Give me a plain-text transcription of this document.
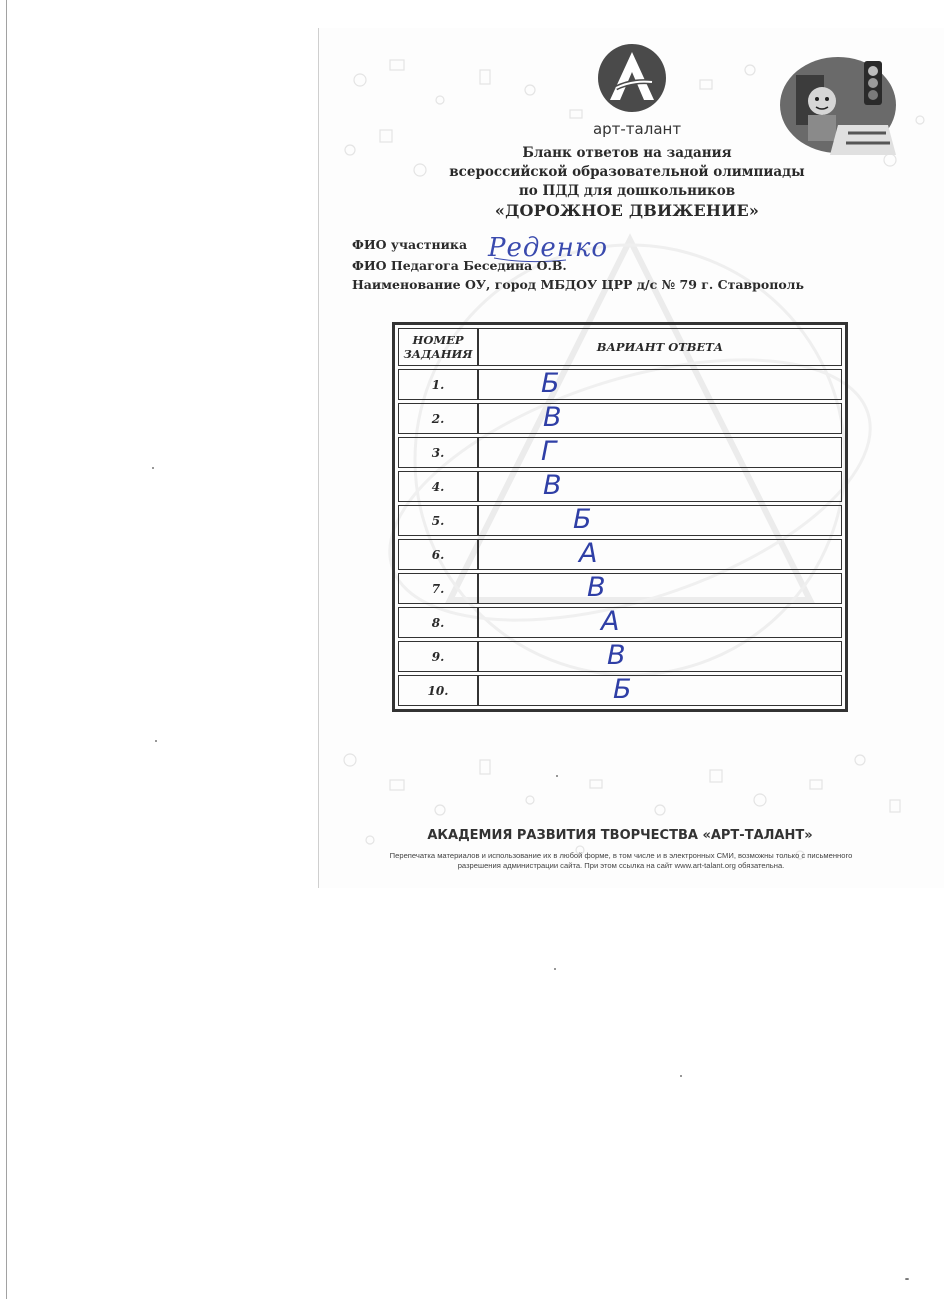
арт-талант
Бланк ответов на задания
всероссийской образовательной олимпиады
по ПДД для дошкольников
«ДОРОЖНОЕ ДВИЖЕНИЕ»
ФИО участника Реденко
ФИО Педагога Беседина О.В.
Наименование ОУ, город МБДОУ ЦРР д/с № 79 г. Ставрополь
НОМЕР
ЗАДАНИЯ	ВАРИАНТ ОТВЕТА
1.	Б

2.	В

3.	Г

4.	В

5.	Б

6.	А

7.	В

8.	А

9.	В

10.	Б
АКАДЕМИЯ РАЗВИТИЯ ТВОРЧЕСТВА «АРТ-ТАЛАНТ»
Перепечатка материалов и использование их в любой форме, в том числе и в электронных СМИ, возможны только с письменного
разрешения администрации сайта. При этом ссылка на сайт www.art-talant.org обязательна.
